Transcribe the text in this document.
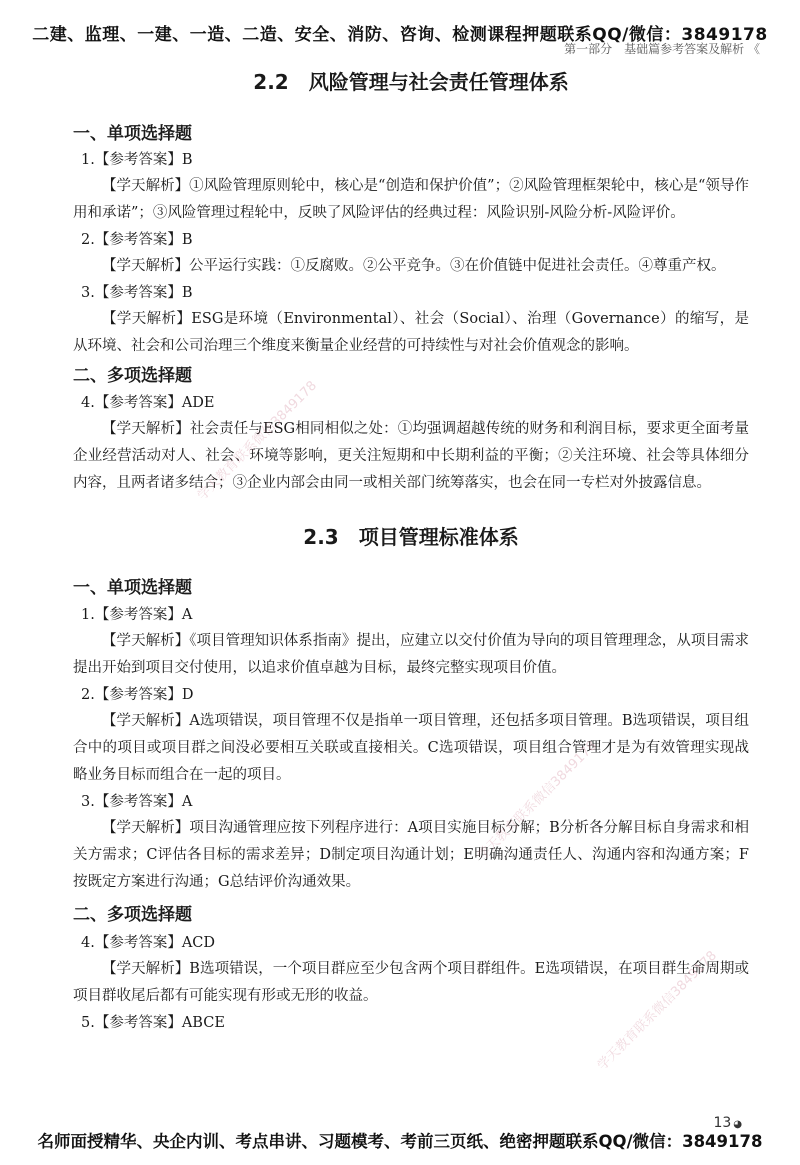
二建、监理、一建、一造、二造、安全、消防、咨询、检测课程押题联系QQ/微信：3849178
第一部分　基础篇参考答案及解析 《
2.2 风险管理与社会责任管理体系
一、单项选择题

1.【参考答案】B

【学天解析】①风险管理原则轮中，核心是“创造和保护价值”；②风险管理框架轮中，核心是“领导作用和承诺”；③风险管理过程轮中，反映了风险评估的经典过程：风险识别-风险分析-风险评价。

2.【参考答案】B

【学天解析】公平运行实践：①反腐败。②公平竞争。③在价值链中促进社会责任。④尊重产权。

3.【参考答案】B

【学天解析】ESG是环境（Environmental）、社会（Social）、治理（Governance）的缩写，是从环境、社会和公司治理三个维度来衡量企业经营的可持续性与对社会价值观念的影响。

二、多项选择题

4.【参考答案】ADE

【学天解析】社会责任与ESG相同相似之处：①均强调超越传统的财务和利润目标，要求更全面考量企业经营活动对人、社会、环境等影响，更关注短期和中长期利益的平衡；②关注环境、社会等具体细分内容，且两者诸多结合；③企业内部会由同一或相关部门统筹落实，也会在同一专栏对外披露信息。

2.3 项目管理标准体系
一、单项选择题

1.【参考答案】A

【学天解析】《项目管理知识体系指南》提出，应建立以交付价值为导向的项目管理理念，从项目需求提出开始到项目交付使用，以追求价值卓越为目标，最终完整实现项目价值。

2.【参考答案】D

【学天解析】A选项错误，项目管理不仅是指单一项目管理，还包括多项目管理。B选项错误，项目组合中的项目或项目群之间没必要相互关联或直接相关。C选项错误，项目组合管理才是为有效管理实现战略业务目标而组合在一起的项目。

3.【参考答案】A

【学天解析】项目沟通管理应按下列程序进行：A项目实施目标分解；B分析各分解目标自身需求和相关方需求；C评估各目标的需求差异；D制定项目沟通计划；E明确沟通责任人、沟通内容和沟通方案；F按既定方案进行沟通；G总结评价沟通效果。

二、多项选择题

4.【参考答案】ACD

【学天解析】B选项错误，一个项目群应至少包含两个项目群组件。E选项错误，在项目群生命周期或项目群收尾后都有可能实现有形或无形的收益。

5.【参考答案】ABCE

学天教育联系微信3849178
学天教育联系微信3849178
学天教育联系微信3849178
13 ◕
名师面授精华、央企内训、考点串讲、习题模考、考前三页纸、绝密押题联系QQ/微信：3849178
